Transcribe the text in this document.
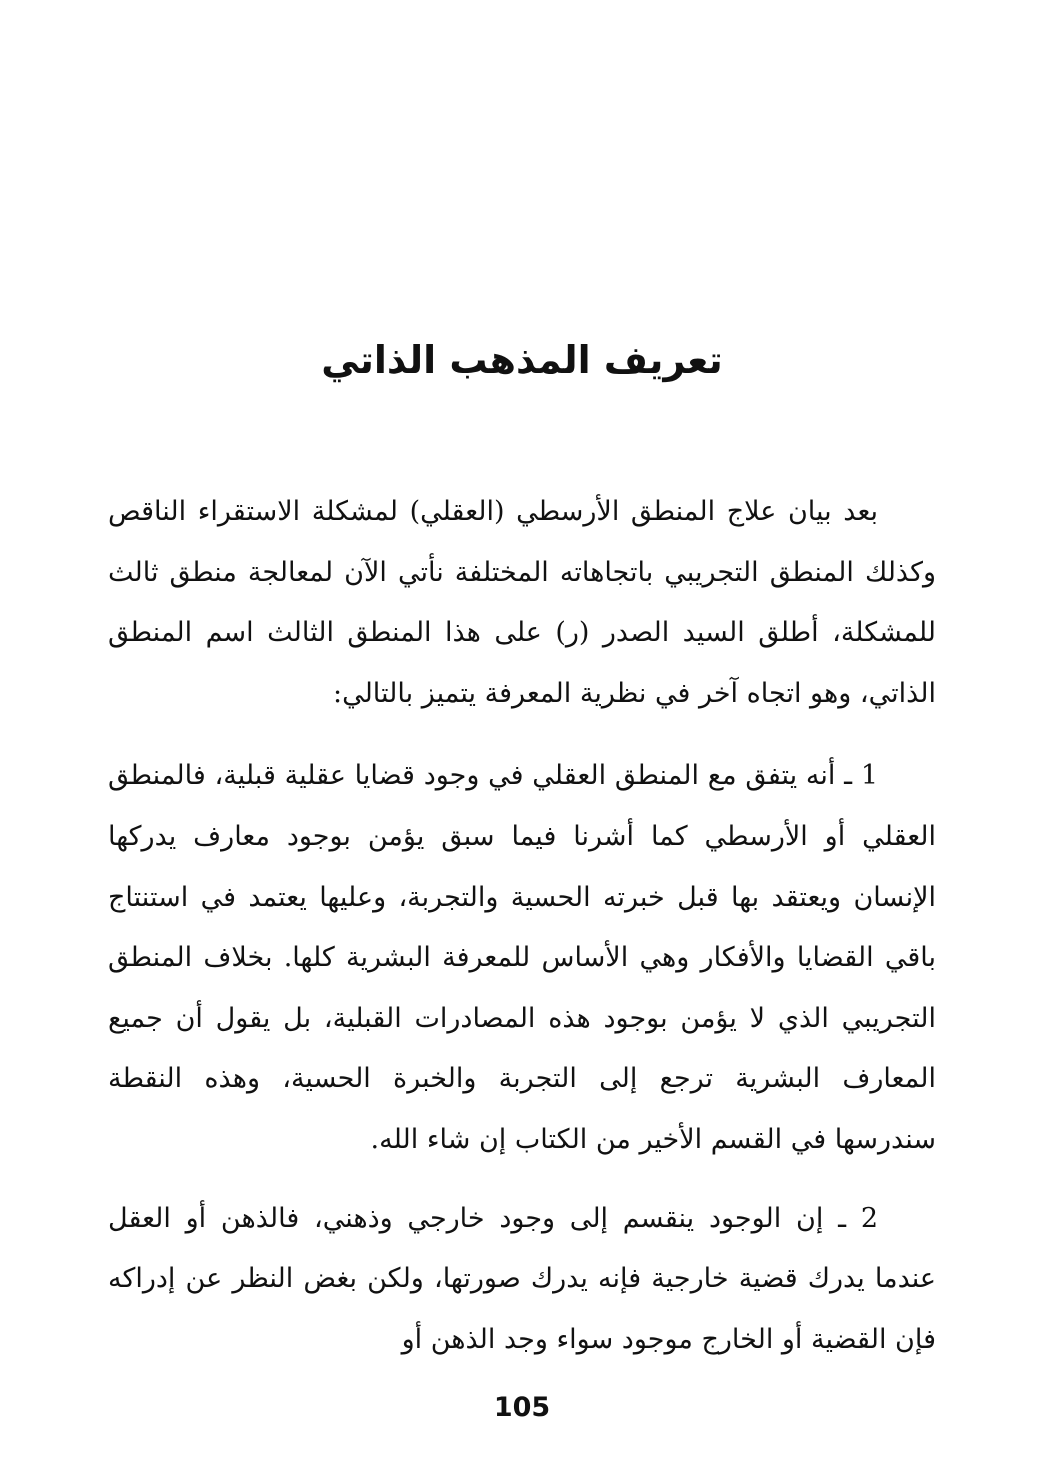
تعريف المذهب الذاتي

بعد بيان علاج المنطق الأرسطي (العقلي) لمشكلة الاستقراء الناقص وكذلك المنطق التجريبي باتجاهاته المختلفة نأتي الآن لمعالجة منطق ثالث للمشكلة، أطلق السيد الصدر (ر) على هذا المنطق الثالث اسم المنطق الذاتي، وهو اتجاه آخر في نظرية المعرفة يتميز بالتالي:

1 ـ أنه يتفق مع المنطق العقلي في وجود قضايا عقلية قبلية، فالمنطق العقلي أو الأرسطي كما أشرنا فيما سبق يؤمن بوجود معارف يدركها الإنسان ويعتقد بها قبل خبرته الحسية والتجربة، وعليها يعتمد في استنتاج باقي القضايا والأفكار وهي الأساس للمعرفة البشرية كلها. بخلاف المنطق التجريبي الذي لا يؤمن بوجود هذه المصادرات القبلية، بل يقول أن جميع المعارف البشرية ترجع إلى التجربة والخبرة الحسية، وهذه النقطة سندرسها في القسم الأخير من الكتاب إن شاء الله.

2 ـ إن الوجود ينقسم إلى وجود خارجي وذهني، فالذهن أو العقل عندما يدرك قضية خارجية فإنه يدرك صورتها، ولكن بغض النظر عن إدراكه فإن القضية أو الخارج موجود سواء وجد الذهن أو

105
